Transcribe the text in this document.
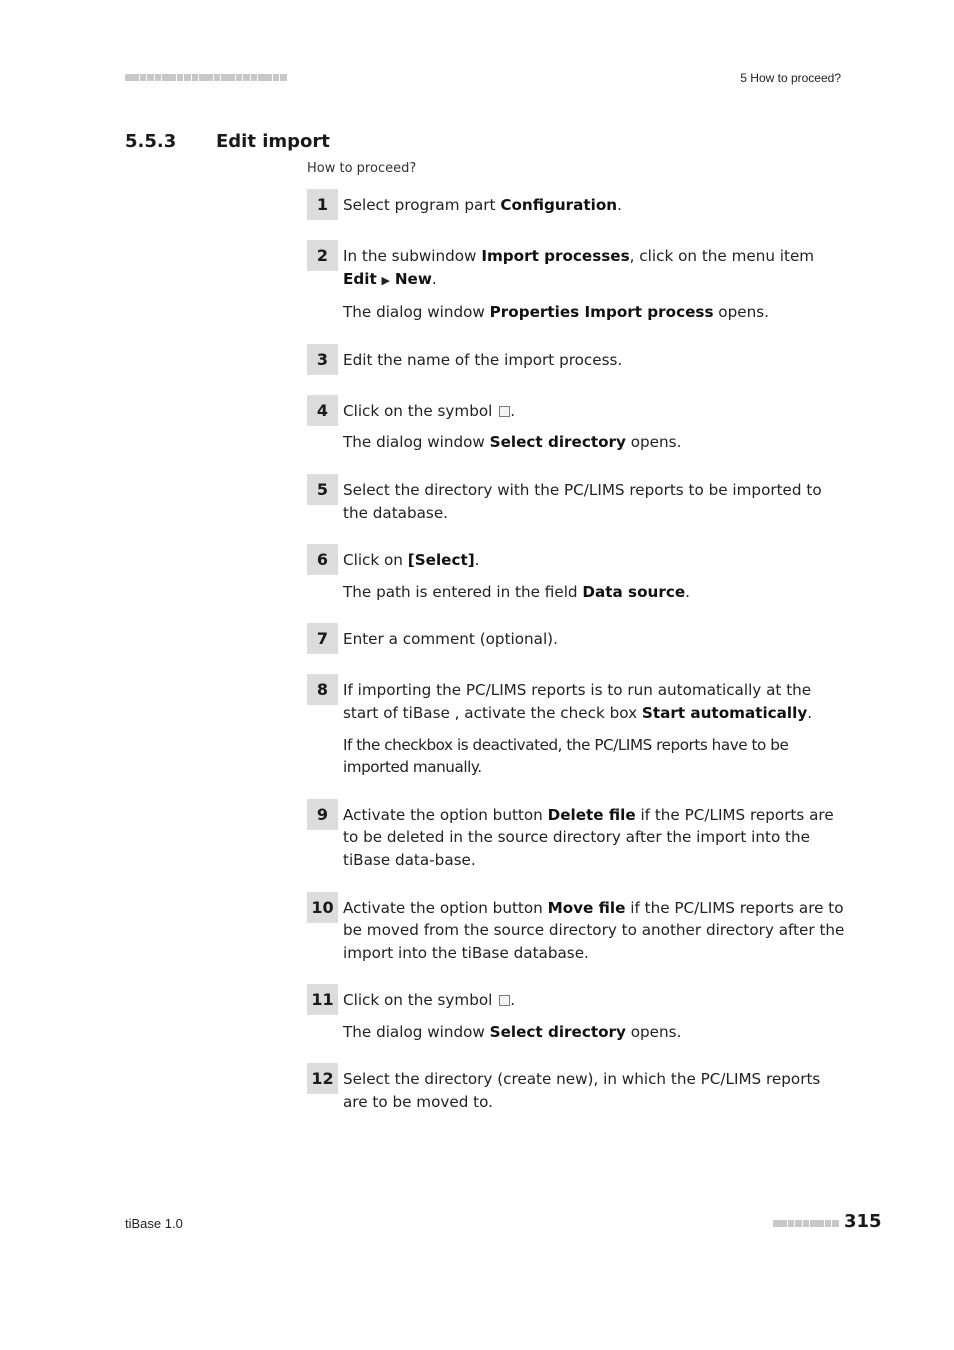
5 How to proceed?
5.5.3 Edit import
How to proceed?
1 Select program part Configuration.

2 In the subwindow Import processes, click on the menu item
Edit ▶ New.

The dialog window Properties Import process opens.

3 Edit the name of the import process.

4 Click on the symbol .

The dialog window Select directory opens.

5 Select the directory with the PC/LIMS reports to be imported to the database.

6 Click on [Select].

The path is entered in the field Data source.

7 Enter a comment (optional).

8 If importing the PC/LIMS reports is to run automatically at the start of tiBase , activate the check box Start automatically.

If the checkbox is deactivated, the PC/LIMS reports have to be imported manually.

9 Activate the option button Delete file if the PC/LIMS reports are to be deleted in the source directory after the import into the tiBase data-base.

10 Activate the option button Move file if the PC/LIMS reports are to be moved from the source directory to another directory after the import into the tiBase database.

11 Click on the symbol .

The dialog window Select directory opens.

12 Select the directory (create new), in which the PC/LIMS reports are to be moved to.

tiBase 1.0	315
